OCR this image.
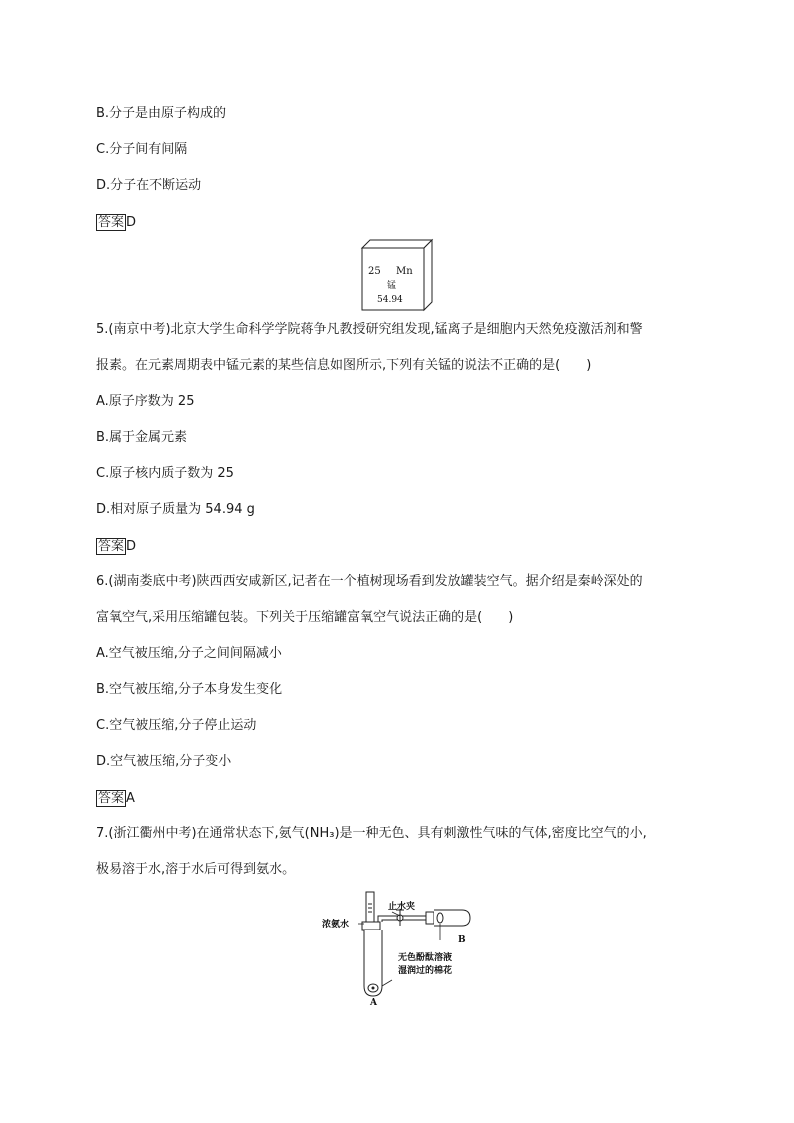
B.分子是由原子构成的
C.分子间有间隔
D.分子在不断运动
答案 D
25 Mn
锰
54.94
5.(南京中考)北京大学生命科学学院蒋争凡教授研究组发现,锰离子是细胞内天然免疫激活剂和警
报素。在元素周期表中锰元素的某些信息如图所示,下列有关锰的说法不正确的是(　　)
A.原子序数为 25
B.属于金属元素
C.原子核内质子数为 25
D.相对原子质量为 54.94 g
答案 D
6.(湖南娄底中考)陕西西安咸新区,记者在一个植树现场看到发放罐装空气。据介绍是秦岭深处的
富氧空气,采用压缩罐包装。下列关于压缩罐富氧空气说法正确的是(　　)
A.空气被压缩,分子之间间隔减小
B.空气被压缩,分子本身发生变化
C.空气被压缩,分子停止运动
D.空气被压缩,分子变小
答案 A
7.(浙江衢州中考)在通常状态下,氨气(NH₃)是一种无色、具有刺激性气味的气体,密度比空气的小,
极易溶于水,溶于水后可得到氨水。
浓氨水
止水夹
B
无色酚酞溶液
湿润过的棉花
A
